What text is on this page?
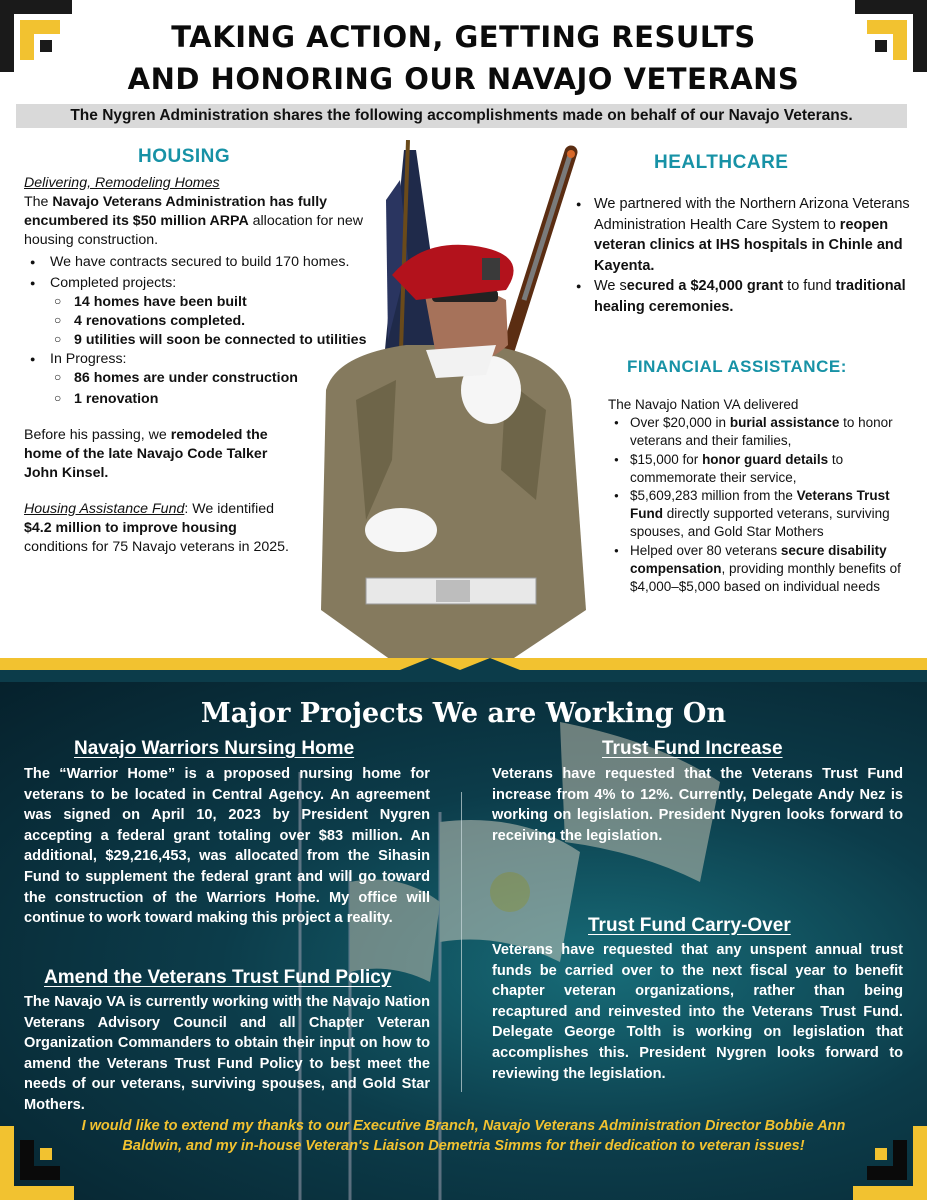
TAKING ACTION, GETTING RESULTS
AND HONORING OUR NAVAJO VETERANS
The Nygren Administration shares the following accomplishments made on behalf of our Navajo Veterans.
HOUSING
Delivering, Remodeling Homes
The Navajo Veterans Administration has fully encumbered its $50 million ARPA allocation for new housing construction.
● We have contracts secured to build 170 homes.
● Completed projects:
○ 14 homes have been built
○ 4 renovations completed.
○ 9 utilities will soon be connected to utilities
● In Progress:
○ 86 homes are under construction
○ 1 renovation
Before his passing, we remodeled the home of the late Navajo Code Talker John Kinsel.
Housing Assistance Fund: We identified $4.2 million to improve housing conditions for 75 Navajo veterans in 2025.
HEALTHCARE
● We partnered with the Northern Arizona Veterans Administration Health Care System to reopen veteran clinics at IHS hospitals in Chinle and Kayenta.
● We secured a $24,000 grant to fund traditional healing ceremonies.
FINANCIAL ASSISTANCE:
The Navajo Nation VA delivered
● Over $20,000 in burial assistance to honor veterans and their families,
● $15,000 for honor guard details to commemorate their service,
● $5,609,283 million from the Veterans Trust Fund directly supported veterans, surviving spouses, and Gold Star Mothers
● Helped over 80 veterans secure disability compensation, providing monthly benefits of $4,000–$5,000 based on individual needs
Major Projects We are Working On
Navajo Warriors Nursing Home
The “Warrior Home” is a proposed nursing home for veterans to be located in Central Agency. An agreement was signed on April 10, 2023 by President Nygren accepting a federal grant totaling over $83 million. An additional, $29,216,453, was allocated from the Sihasin Fund to supplement the federal grant and will go toward the construction of the Warriors Home. My office will continue to work toward making this project a reality.
Amend the Veterans Trust Fund Policy
The Navajo VA is currently working with the Navajo Nation Veterans Advisory Council and all Chapter Veteran Organization Commanders to obtain their input on how to amend the Veterans Trust Fund Policy to best meet the needs of our veterans, surviving spouses, and Gold Star Mothers.
Trust Fund Increase
Veterans have requested that the Veterans Trust Fund increase from 4% to 12%. Currently, Delegate Andy Nez is working on legislation. President Nygren looks forward to receiving the legislation.
Trust Fund Carry-Over
Veterans have requested that any unspent annual trust funds be carried over to the next fiscal year to benefit chapter veteran organizations, rather than being recaptured and reinvested into the Veterans Trust Fund. Delegate George Tolth is working on legislation that accomplishes this. President Nygren looks forward to reviewing the legislation.
I would like to extend my thanks to our Executive Branch, Navajo Veterans Administration Director Bobbie Ann Baldwin, and my in-house Veteran's Liaison Demetria Simms for their dedication to veteran issues!
